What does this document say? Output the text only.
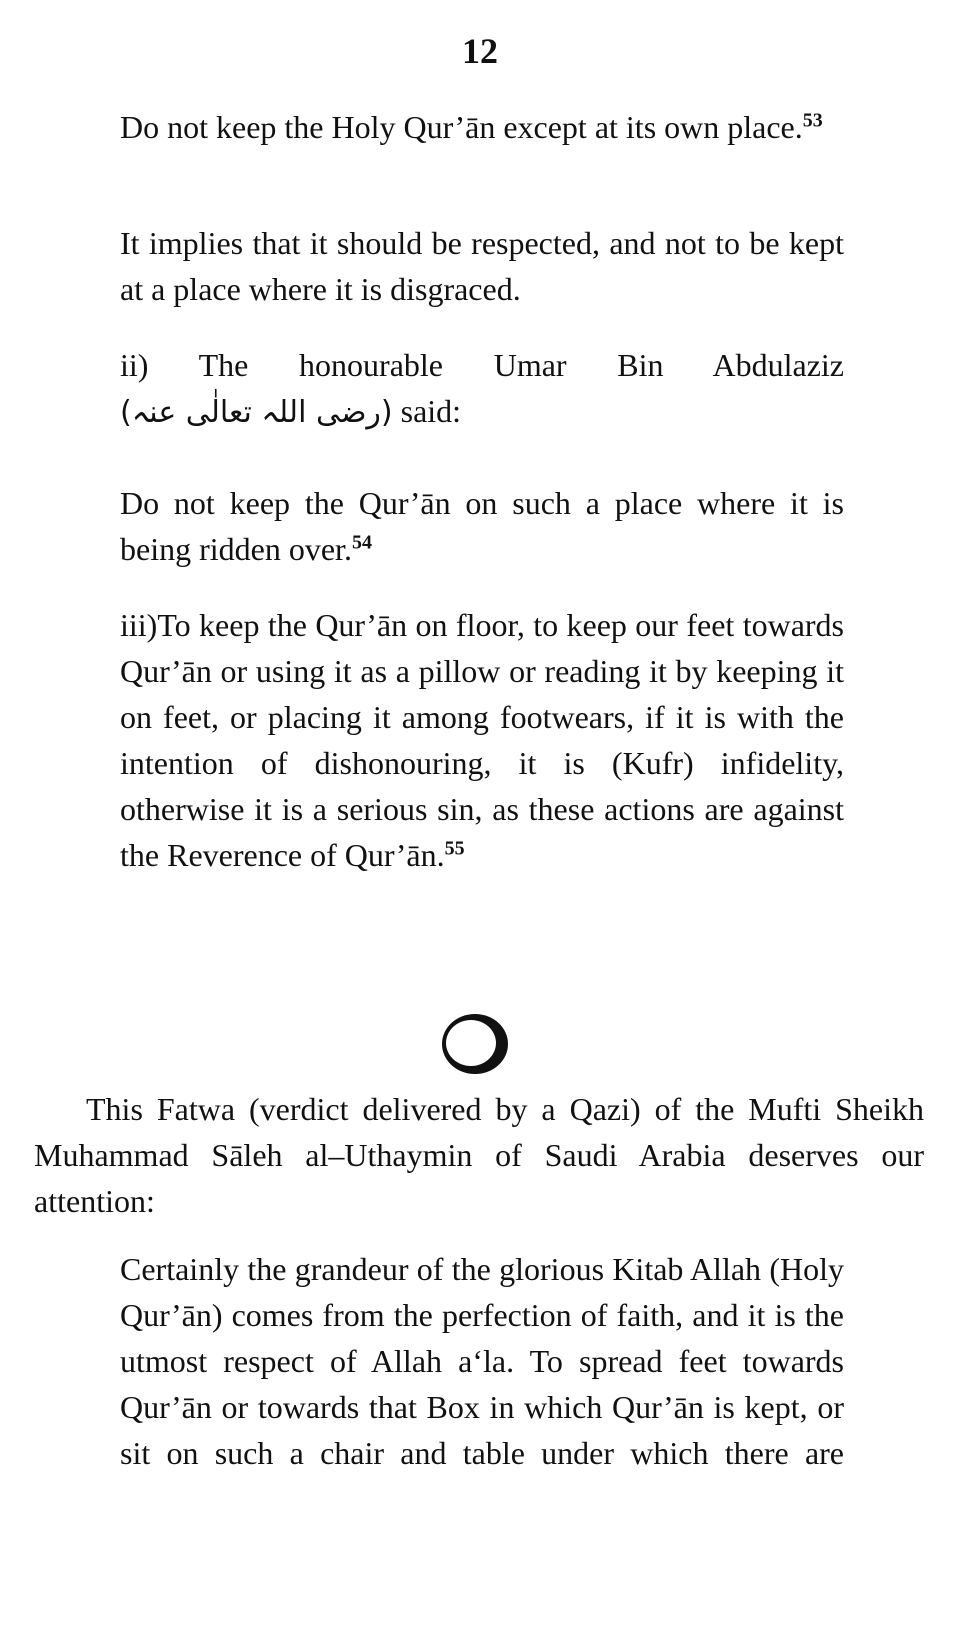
12

Do not keep the Holy Qur’ān except at its own place.$^{53}$

It implies that it should be respected, and not to be kept at a place where it is disgraced.

ii) The honourable Umar Bin Abdulaziz

(رضی اللہ تعالٰی عنہ) said:

Do not keep the Qur’ān on such a place where it is being ridden over.$^{54}$

iii)To keep the Qur’ān on floor, to keep our feet towards Qur’ān or using it as a pillow or reading it by keeping it on feet, or placing it among footwears, if it is with the intention of dishonouring, it is (Kufr) infidelity, otherwise it is a serious sin, as these actions are against the Reverence of Qur’ān.$^{55}$

This Fatwa (verdict delivered by a Qazi) of the Mufti Sheikh Muhammad Sāleh al–Uthaymin of Saudi Arabia deserves our attention:

Certainly the grandeur of the glorious Kitab Allah (Holy Qur’ān) comes from the perfection of faith, and it is the utmost respect of Allah a‘la. To spread feet towards Qur’ān or towards that Box in which Qur’ān is kept, or sit on such a chair and table under which there are
